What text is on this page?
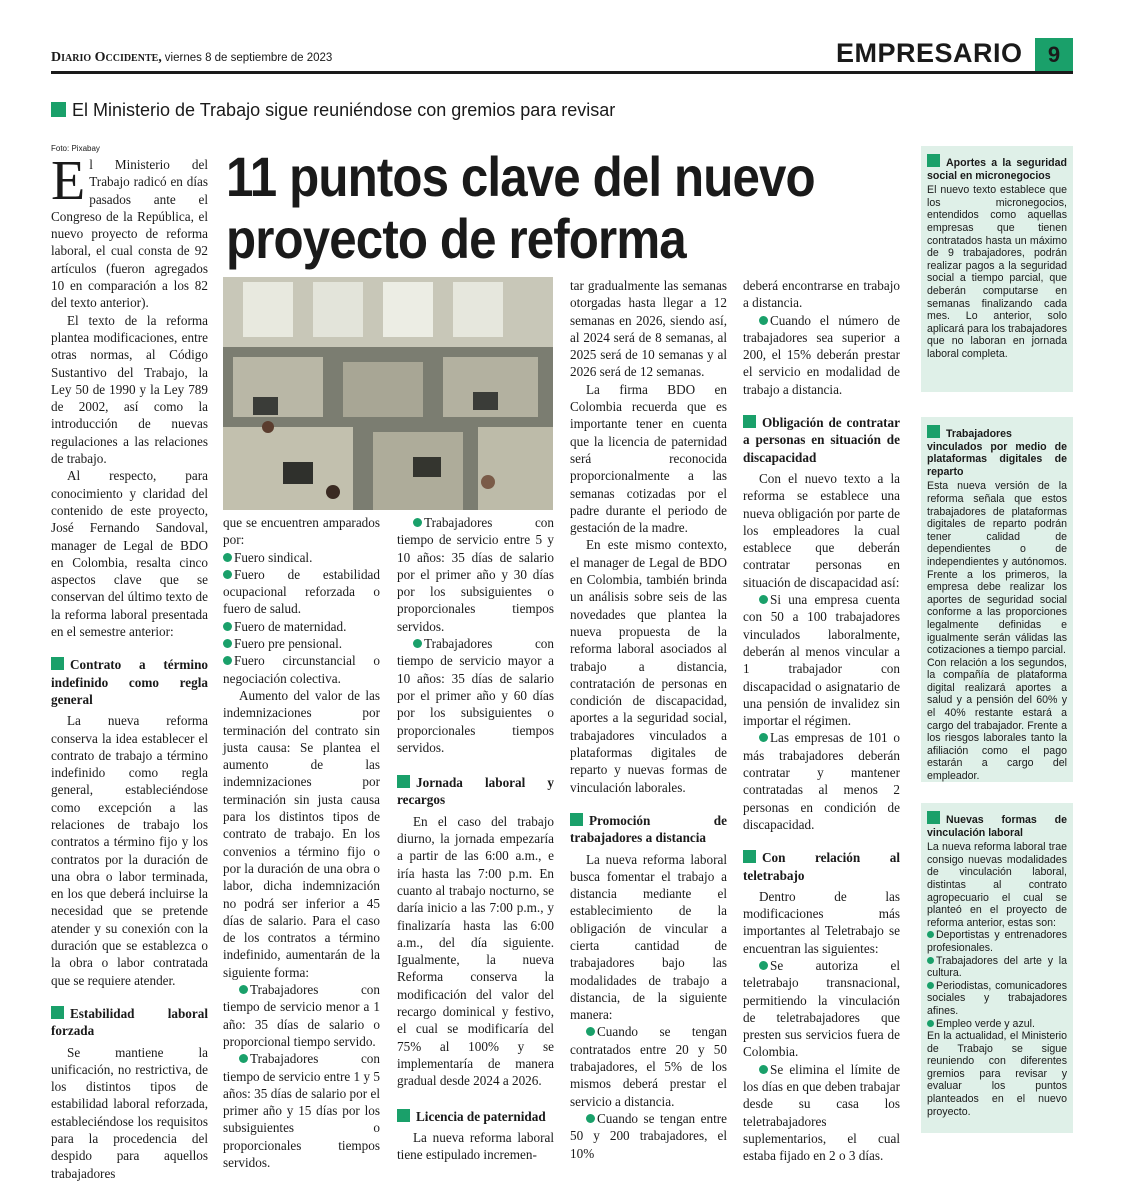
Diario Occidente, viernes 8 de septiembre de 2023	EMPRESARIO	9
El Ministerio de Trabajo sigue reuniéndose con gremios para revisar
Foto: Pixabay 11 puntos clave del nuevo proyecto de reforma
E l Ministerio del Trabajo radicó en días pasados ante el Congreso de la República, el nuevo proyecto de reforma laboral, el cual consta de 92 artículos (fueron agregados 10 en comparación a los 82 del texto anterior).

El texto de la reforma plantea modificaciones, entre otras normas, al Código Sustantivo del Trabajo, la Ley 50 de 1990 y la Ley 789 de 2002, así como la introducción de nuevas regulaciones a las relaciones de trabajo.

Al respecto, para conocimiento y claridad del contenido de este proyecto, José Fernando Sandoval, manager de Legal de BDO en Colombia, resalta cinco aspectos clave que se conservan del último texto de la reforma laboral presentada en el semestre anterior:

Contrato a término indefinido como regla general

La nueva reforma conserva la idea establecer el contrato de trabajo a término indefinido como regla general, estableciéndose como excepción a las relaciones de trabajo los contratos a término fijo y los contratos por la duración de una obra o labor terminada, en los que deberá incluirse la necesidad que se pretende atender y su conexión con la duración que se establezca o la obra o labor contratada que se requiere atender.

Estabilidad laboral forzada

Se mantiene la unificación, no restrictiva, de los distintos tipos de estabilidad laboral reforzada, estableciéndose los requisitos para la procedencia del despido para aquellos trabajadores

que se encuentren amparados por:

Fuero sindical.

Fuero de estabilidad ocupacional reforzada o fuero de salud.

Fuero de maternidad.

Fuero pre pensional.

Fuero circunstancial o negociación colectiva.

Aumento del valor de las indemnizaciones por terminación del contrato sin justa causa: Se plantea el aumento de las indemnizaciones por terminación sin justa causa para los distintos tipos de contrato de trabajo. En los convenios a término fijo o por la duración de una obra o labor, dicha indemnización no podrá ser inferior a 45 días de salario. Para el caso de los contratos a término indefinido, aumentarán de la siguiente forma:

Trabajadores con tiempo de servicio menor a 1 año: 35 días de salario o proporcional tiempo servido.

Trabajadores con tiempo de servicio entre 1 y 5 años: 35 días de salario por el primer año y 15 días por los subsiguientes o proporcionales tiempos servidos.

Trabajadores con tiempo de servicio entre 5 y 10 años: 35 días de salario por el primer año y 30 días por los subsiguientes o proporcionales tiempos servidos.

Trabajadores con tiempo de servicio mayor a 10 años: 35 días de salario por el primer año y 60 días por los subsiguientes o proporcionales tiempos servidos.

Jornada laboral y recargos

En el caso del trabajo diurno, la jornada empezaría a partir de las 6:00 a.m., e iría hasta las 7:00 p.m. En cuanto al trabajo nocturno, se daría inicio a las 7:00 p.m., y finalizaría hasta las 6:00 a.m., del día siguiente. Igualmente, la nueva Reforma conserva la modificación del valor del recargo dominical y festivo, el cual se modificaría del 75% al 100% y se implementaría de manera gradual desde 2024 a 2026.

Licencia de paternidad

La nueva reforma laboral tiene estipulado incremen-

tar gradualmente las semanas otorgadas hasta llegar a 12 semanas en 2026, siendo así, al 2024 será de 8 semanas, al 2025 será de 10 semanas y al 2026 será de 12 semanas.

La firma BDO en Colombia recuerda que es importante tener en cuenta que la licencia de paternidad será reconocida proporcionalmente a las semanas cotizadas por el padre durante el periodo de gestación de la madre.

En este mismo contexto, el manager de Legal de BDO en Colombia, también brinda un análisis sobre seis de las novedades que plantea la nueva propuesta de la reforma laboral asociados al trabajo a distancia, contratación de personas en condición de discapacidad, aportes a la seguridad social, trabajadores vinculados a plataformas digitales de reparto y nuevas formas de vinculación laborales.

Promoción de trabajadores a distancia

La nueva reforma laboral busca fomentar el trabajo a distancia mediante el establecimiento de la obligación de vincular a cierta cantidad de trabajadores bajo las modalidades de trabajo a distancia, de la siguiente manera:

Cuando se tengan contratados entre 20 y 50 trabajadores, el 5% de los mismos deberá prestar el servicio a distancia.

Cuando se tengan entre 50 y 200 trabajadores, el 10%

deberá encontrarse en trabajo a distancia.

Cuando el número de trabajadores sea superior a 200, el 15% deberán prestar el servicio en modalidad de trabajo a distancia.

Obligación de contratar a personas en situación de discapacidad

Con el nuevo texto a la reforma se establece una nueva obligación por parte de los empleadores la cual establece que deberán contratar personas en situación de discapacidad así:

Si una empresa cuenta con 50 a 100 trabajadores vinculados laboralmente, deberán al menos vincular a 1 trabajador con discapacidad o asignatario de una pensión de invalidez sin importar el régimen.

Las empresas de 101 o más trabajadores deberán contratar y mantener contratadas al menos 2 personas en condición de discapacidad.

Con relación al teletrabajo

Dentro de las modificaciones más importantes al Teletrabajo se encuentran las siguientes:

Se autoriza el teletrabajo transnacional, permitiendo la vinculación de teletrabajadores que presten sus servicios fuera de Colombia.

Se elimina el límite de los días en que deben trabajar desde su casa los teletrabajadores suplementarios, el cual estaba fijado en 2 o 3 días.

Aportes a la seguridad social en micronegocios

El nuevo texto establece que los micronegocios, entendidos como aquellas empresas que tienen contratados hasta un máximo de 9 trabajadores, podrán realizar pagos a la seguridad social a tiempo parcial, que deberán computarse en semanas finalizando cada mes. Lo anterior, solo aplicará para los trabajadores que no laboran en jornada laboral completa.

Trabajadores vinculados por medio de plataformas digitales de reparto

Esta nueva versión de la reforma señala que estos trabajadores de plataformas digitales de reparto podrán tener calidad de dependientes o de independientes y autónomos. Frente a los primeros, la empresa debe realizar los aportes de seguridad social conforme a las proporciones legalmente definidas e igualmente serán válidas las cotizaciones a tiempo parcial.

Con relación a los segundos, la compañía de plataforma digital realizará aportes a salud y a pensión del 60% y el 40% restante estará a cargo del trabajador. Frente a los riesgos laborales tanto la afiliación como el pago estarán a cargo del empleador.

Nuevas formas de vinculación laboral

La nueva reforma laboral trae consigo nuevas modalidades de vinculación laboral, distintas al contrato agropecuario el cual se planteó en el proyecto de reforma anterior, estas son:

Deportistas y entrenadores profesionales.

Trabajadores del arte y la cultura.

Periodistas, comunicadores sociales y trabajadores afines.

Empleo verde y azul.

En la actualidad, el Ministerio de Trabajo se sigue reuniendo con diferentes gremios para revisar y evaluar los puntos planteados en el nuevo proyecto.
